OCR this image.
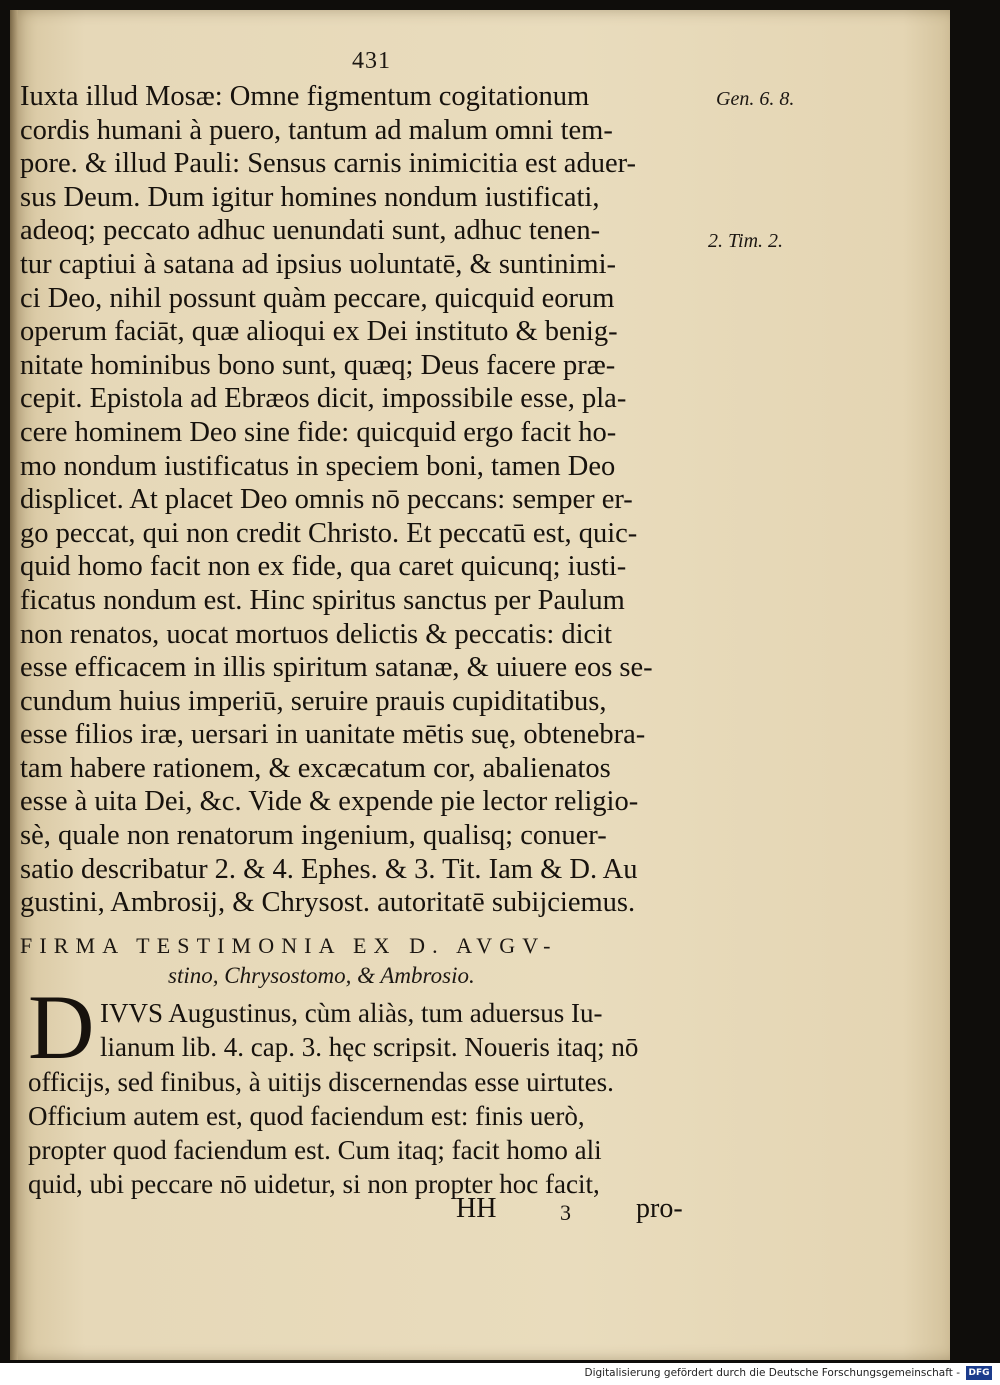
431
Iuxta illud Mosæ: Omne figmentum cogitationum
cordis humani à puero, tantum ad malum omni tem-
pore. & illud Pauli: Sensus carnis inimicitia est aduer-
sus Deum. Dum igitur homines nondum iustificati,
adeoq; peccato adhuc uenundati sunt, adhuc tenen-
tur captiui à satana ad ipsius uoluntatē, & suntinimi-
ci Deo, nihil possunt quàm peccare, quicquid eorum
operum faciāt, quæ alioqui ex Dei instituto & benig-
nitate hominibus bono sunt, quæq; Deus facere præ-
cepit. Epistola ad Ebræos dicit, impossibile esse, pla-
cere hominem Deo sine fide: quicquid ergo facit ho-
mo nondum iustificatus in speciem boni, tamen Deo
displicet. At placet Deo omnis nō peccans: semper er-
go peccat, qui non credit Christo. Et peccatū est, quic-
quid homo facit non ex fide, qua caret quicunq; iusti-
ficatus nondum est. Hinc spiritus sanctus per Paulum
non renatos, uocat mortuos delictis & peccatis: dicit
esse efficacem in illis spiritum satanæ, & uiuere eos se-
cundum huius imperiū, seruire prauis cupiditatibus,
esse filios iræ, uersari in uanitate mētis suę, obtenebra-
tam habere rationem, & excæcatum cor, abalienatos
esse à uita Dei, &c. Vide & expende pie lector religio-
sè, quale non renatorum ingenium, qualisq; conuer-
satio describatur 2. & 4. Ephes. & 3. Tit. Iam & D. Au
gustini, Ambrosij, & Chrysost. autoritatē subijciemus.
Gen. 6. 8.
2. Tim. 2.
FIRMA TESTIMONIA EX D. AVGV-
stino, Chrysostomo, & Ambrosio.
D IVVS Augustinus, cùm aliàs, tum aduersus Iu-
lianum lib. 4. cap. 3. hęc scripsit. Noueris itaq; nō
officijs, sed finibus, à uitijs discernendas esse uirtutes.
Officium autem est, quod faciendum est: finis uerò,
propter quod faciendum est. Cum itaq; facit homo ali
quid, ubi peccare nō uidetur, si non propter hoc facit,
HH	3 pro-
Digitalisierung gefördert durch die Deutsche Forschungsgemeinschaft - DFG
